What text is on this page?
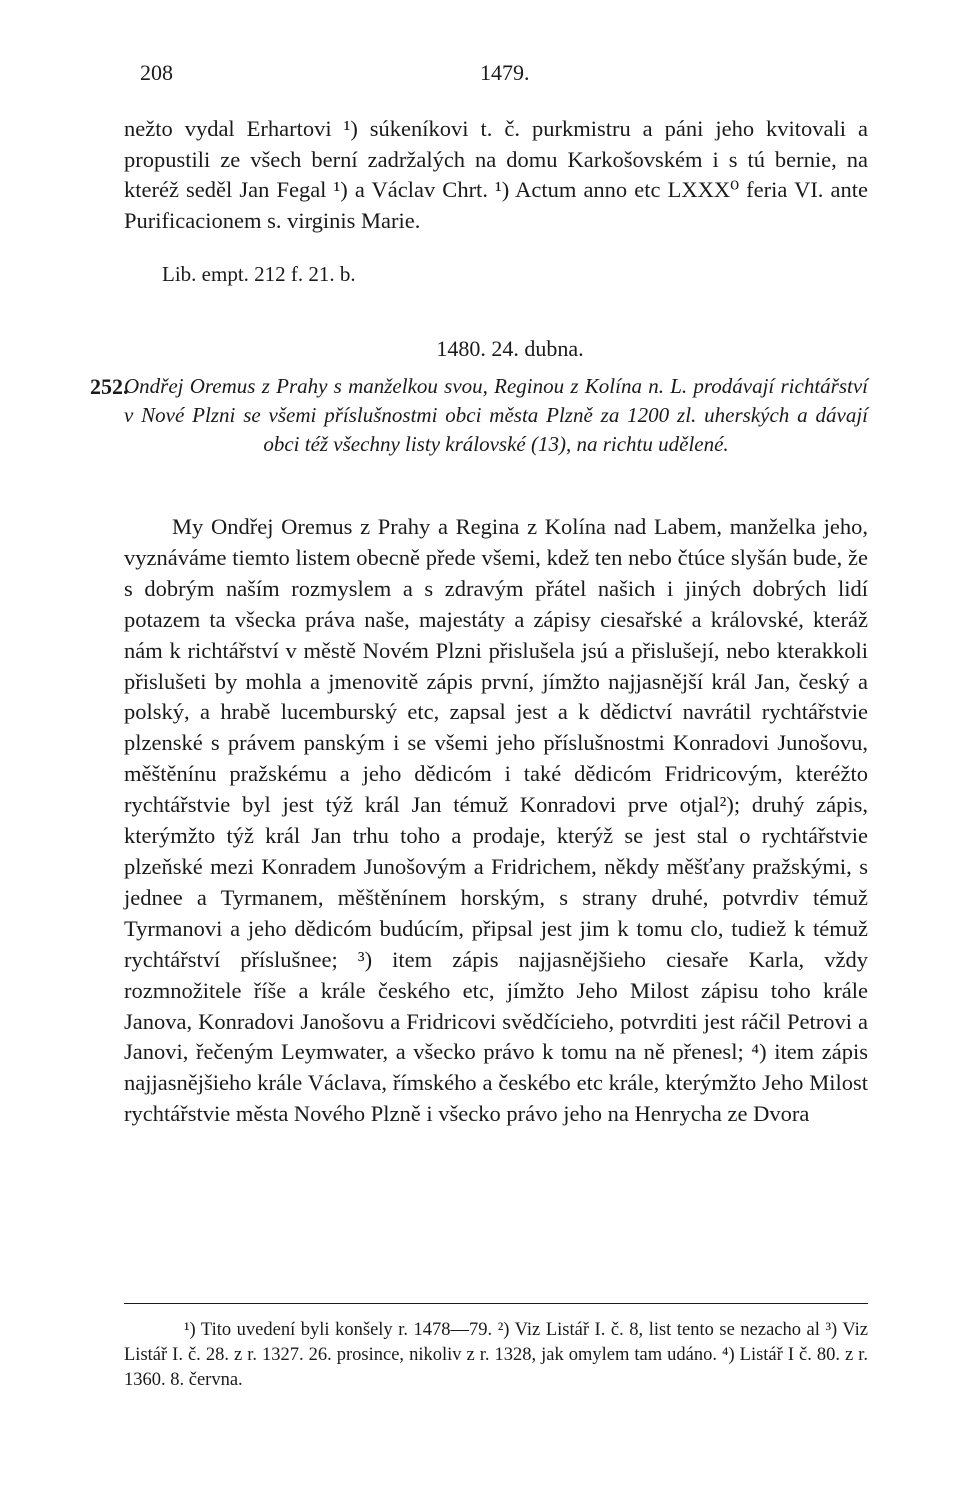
208	1479.

nežto vydal Erhartovi ¹) súkeníkovi t. č. purkmistru a páni jeho kvitovali a propustili ze všech berní zadržalých na domu Karkošovském i s tú bernie, na kteréž seděl Jan Fegal ¹) a Václav Chrt. ¹) Actum anno etc LXXX⁰ feria VI. ante Purificacionem s. virginis Marie.

Lib. empt. 212 f. 21. b.
1480. 24. dubna.
252.

Ondřej Oremus z Prahy s manželkou svou, Reginou z Kolína n. L. prodávají richtářství v Nové Plzni se všemi příslušnostmi obci města Plzně za 1200 zl. uherských a dávají obci též všechny listy královské (13), na richtu udělené.

My Ondřej Oremus z Prahy a Regina z Kolína nad Labem, manželka jeho, vyznáváme tiemto listem obecně přede všemi, kdež ten nebo čtúce slyšán bude, že s dobrým naším rozmyslem a s zdravým přátel našich i jiných dobrých lidí potazem ta všecka práva naše, majestáty a zápisy ciesařské a královské, kteráž nám k richtářství v městě Novém Plzni přislušela jsú a přislušejí, nebo kterakkoli přislušeti by mohla a jmenovitě zápis první, jímžto najjasnější král Jan, český a polský, a hrabě lucemburský etc, zapsal jest a k dědictví navrátil rychtářstvie plzenské s právem panským i se všemi jeho příslušnostmi Konradovi Junošovu, měštěnínu pražskému a jeho dědicóm i také dědicóm Fridricovým, kteréžto rychtářstvie byl jest týž král Jan témuž Konradovi prve otjal²); druhý zápis, kterýmžto týž král Jan trhu toho a prodaje, kterýž se jest stal o rychtářstvie plzeňské mezi Konradem Junošovým a Fridrichem, někdy měšťany pražskými, s jednee a Tyrmanem, měštěnínem horským, s strany druhé, potvrdiv témuž Tyrmanovi a jeho dědicóm budúcím, připsal jest jim k tomu clo, tudiež k témuž rychtářství příslušnee; ³) item zápis najjasnějšieho ciesaře Karla, vždy rozmnožitele říše a krále českého etc, jímžto Jeho Milost zápisu toho krále Janova, Konradovi Janošovu a Fridricovi svědčícieho, potvrditi jest ráčil Petrovi a Janovi, řečeným Leymwater, a všecko právo k tomu na ně přenesl; ⁴) item zápis najjasnějšieho krále Václava, římského a českébo etc krále, kterýmžto Jeho Milost rychtářstvie města Nového Plzně i všecko právo jeho na Henrycha ze Dvora

¹) Tito uvedení byli konšely r. 1478—79. ²) Viz Listář I. č. 8, list tento se nezacho al ³) Viz Listář I. č. 28. z r. 1327. 26. prosince, nikoliv z r. 1328, jak omylem tam udáno. ⁴) Listář I č. 80. z r. 1360. 8. června.
